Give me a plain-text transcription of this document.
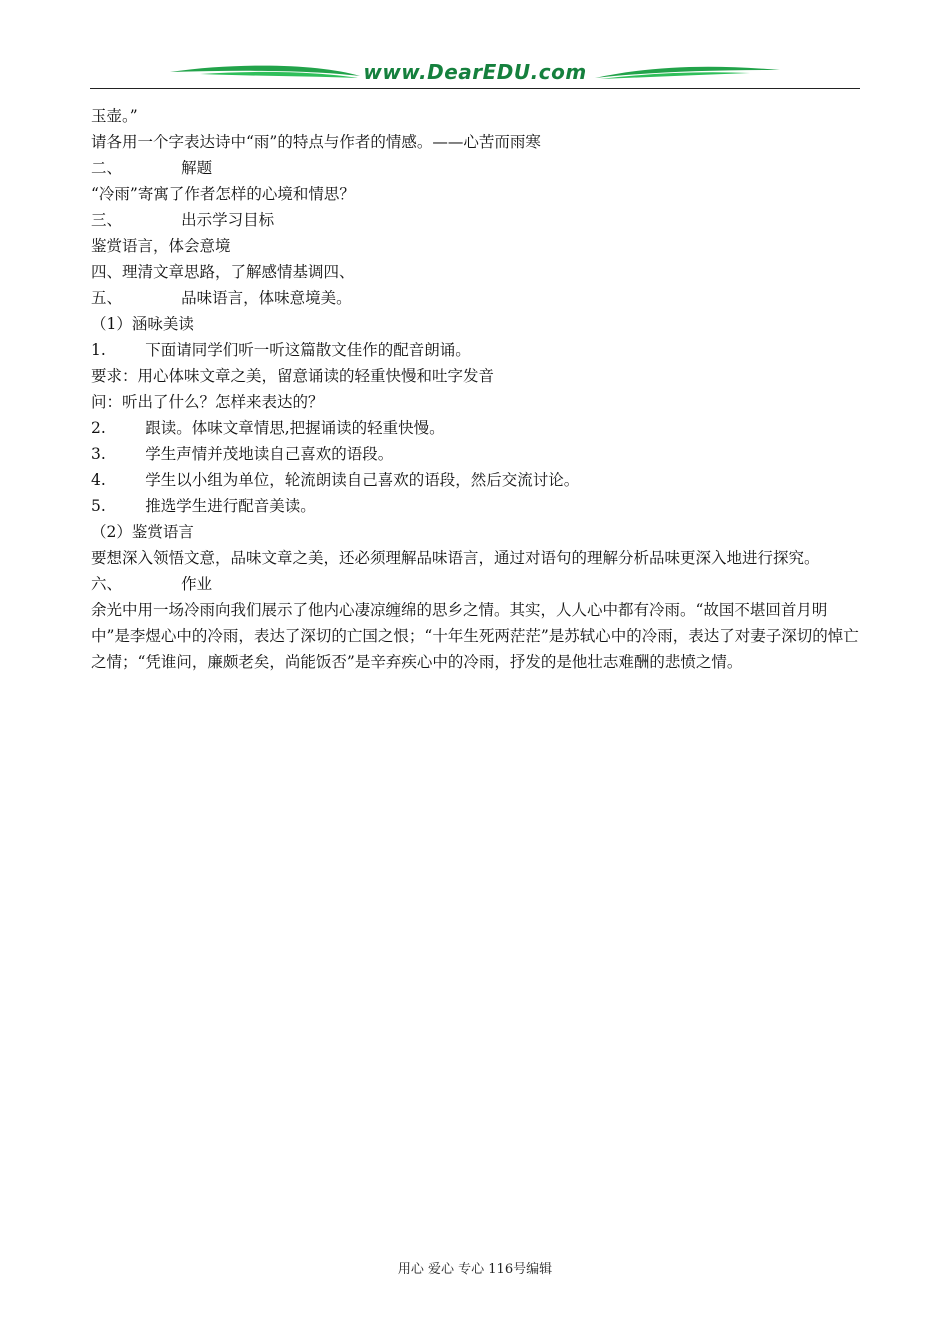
www.DearEDU.com
玉壶。”
请各用一个字表达诗中“雨”的特点与作者的情感。——心苦而雨寒
二、            解题
“冷雨”寄寓了作者怎样的心境和情思？
三、            出示学习目标
鉴赏语言，体会意境
四、理清文章思路，了解感情基调四、
五、            品味语言，体味意境美。
（1）涵咏美读
1.        下面请同学们听一听这篇散文佳作的配音朗诵。
要求：用心体味文章之美，留意诵读的轻重快慢和吐字发音
问：听出了什么？怎样来表达的？
2.        跟读。体味文章情思,把握诵读的轻重快慢。
3.        学生声情并茂地读自己喜欢的语段。
4.        学生以小组为单位，轮流朗读自己喜欢的语段，然后交流讨论。
5.        推选学生进行配音美读。
（2）鉴赏语言
要想深入领悟文意，品味文章之美，还必须理解品味语言，通过对语句的理解分析品味更深入地进行探究。
六、            作业
余光中用一场冷雨向我们展示了他内心凄凉缠绵的思乡之情。其实，人人心中都有冷雨。“故国不堪回首月明中”是李煜心中的冷雨，表达了深切的亡国之恨；“十年生死两茫茫”是苏轼心中的冷雨，表达了对妻子深切的悼亡之情；“凭谁问，廉颇老矣，尚能饭否”是辛弃疾心中的冷雨，抒发的是他壮志难酬的悲愤之情。
用心 爱心 专心 116号编辑
